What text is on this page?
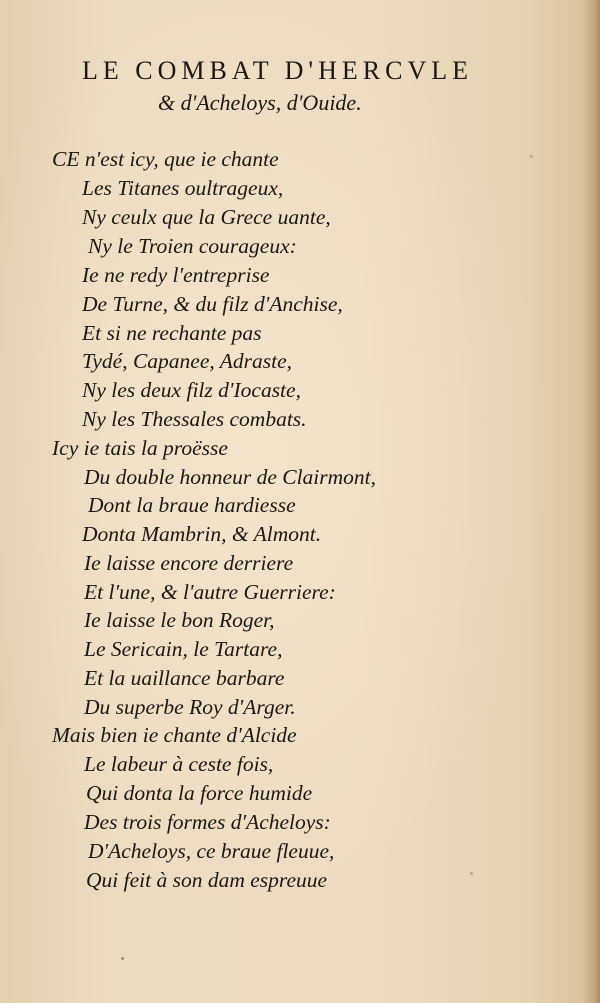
LE COMBAT D'HERCVLE
& d'Acheloys, d'Ouide.
CE n'est icy, que ie chante
Les Titanes oultrageux,
Ny ceulx que la Grece uante,
Ny le Troien courageux:
Ie ne redy l'entreprise
De Turne, & du filz d'Anchise,
Et si ne rechante pas
Tydé, Capanee, Adraste,
Ny les deux filz d'Iocaste,
Ny les Thessales combats.
Icy ie tais la proësse
Du double honneur de Clairmont,
Dont la braue hardiesse
Donta Mambrin, & Almont.
Ie laisse encore derriere
Et l'une, & l'autre Guerriere:
Ie laisse le bon Roger,
Le Sericain, le Tartare,
Et la uaillance barbare
Du superbe Roy d'Arger.
Mais bien ie chante d'Alcide
Le labeur à ceste fois,
Qui donta la force humide
Des trois formes d'Acheloys:
D'Acheloys, ce braue fleuue,
Qui feit à son dam espreuue
